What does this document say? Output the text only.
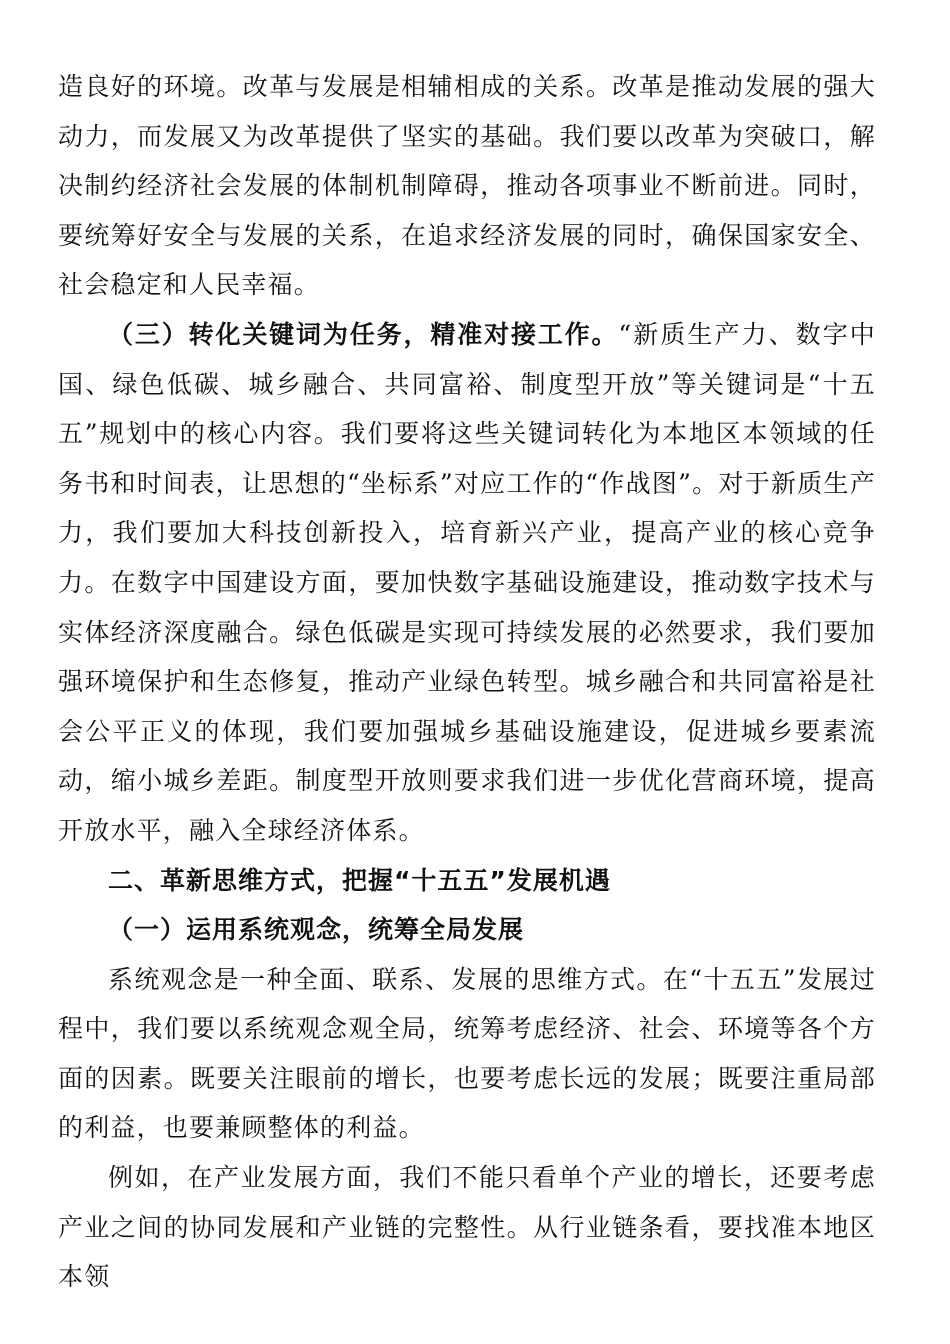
造良好的环境。改革与发展是相辅相成的关系。改革是推动发展的强大动力，而发展又为改革提供了坚实的基础。我们要以改革为突破口，解决制约经济社会发展的体制机制障碍，推动各项事业不断前进。同时，要统筹好安全与发展的关系，在追求经济发展的同时，确保国家安全、社会稳定和人民幸福。

（三）转化关键词为任务，精准对接工作。“新质生产力、数字中国、绿色低碳、城乡融合、共同富裕、制度型开放”等关键词是“十五五”规划中的核心内容。我们要将这些关键词转化为本地区本领域的任务书和时间表，让思想的“坐标系”对应工作的“作战图”。对于新质生产力，我们要加大科技创新投入，培育新兴产业，提高产业的核心竞争力。在数字中国建设方面，要加快数字基础设施建设，推动数字技术与实体经济深度融合。绿色低碳是实现可持续发展的必然要求，我们要加强环境保护和生态修复，推动产业绿色转型。城乡融合和共同富裕是社会公平正义的体现，我们要加强城乡基础设施建设，促进城乡要素流动，缩小城乡差距。制度型开放则要求我们进一步优化营商环境，提高开放水平，融入全球经济体系。

二、革新思维方式，把握“十五五”发展机遇

（一）运用系统观念，统筹全局发展

系统观念是一种全面、联系、发展的思维方式。在“十五五”发展过程中，我们要以系统观念观全局，统筹考虑经济、社会、环境等各个方面的因素。既要关注眼前的增长，也要考虑长远的发展；既要注重局部的利益，也要兼顾整体的利益。

例如，在产业发展方面，我们不能只看单个产业的增长，还要考虑产业之间的协同发展和产业链的完整性。从行业链条看，要找准本地区本领
